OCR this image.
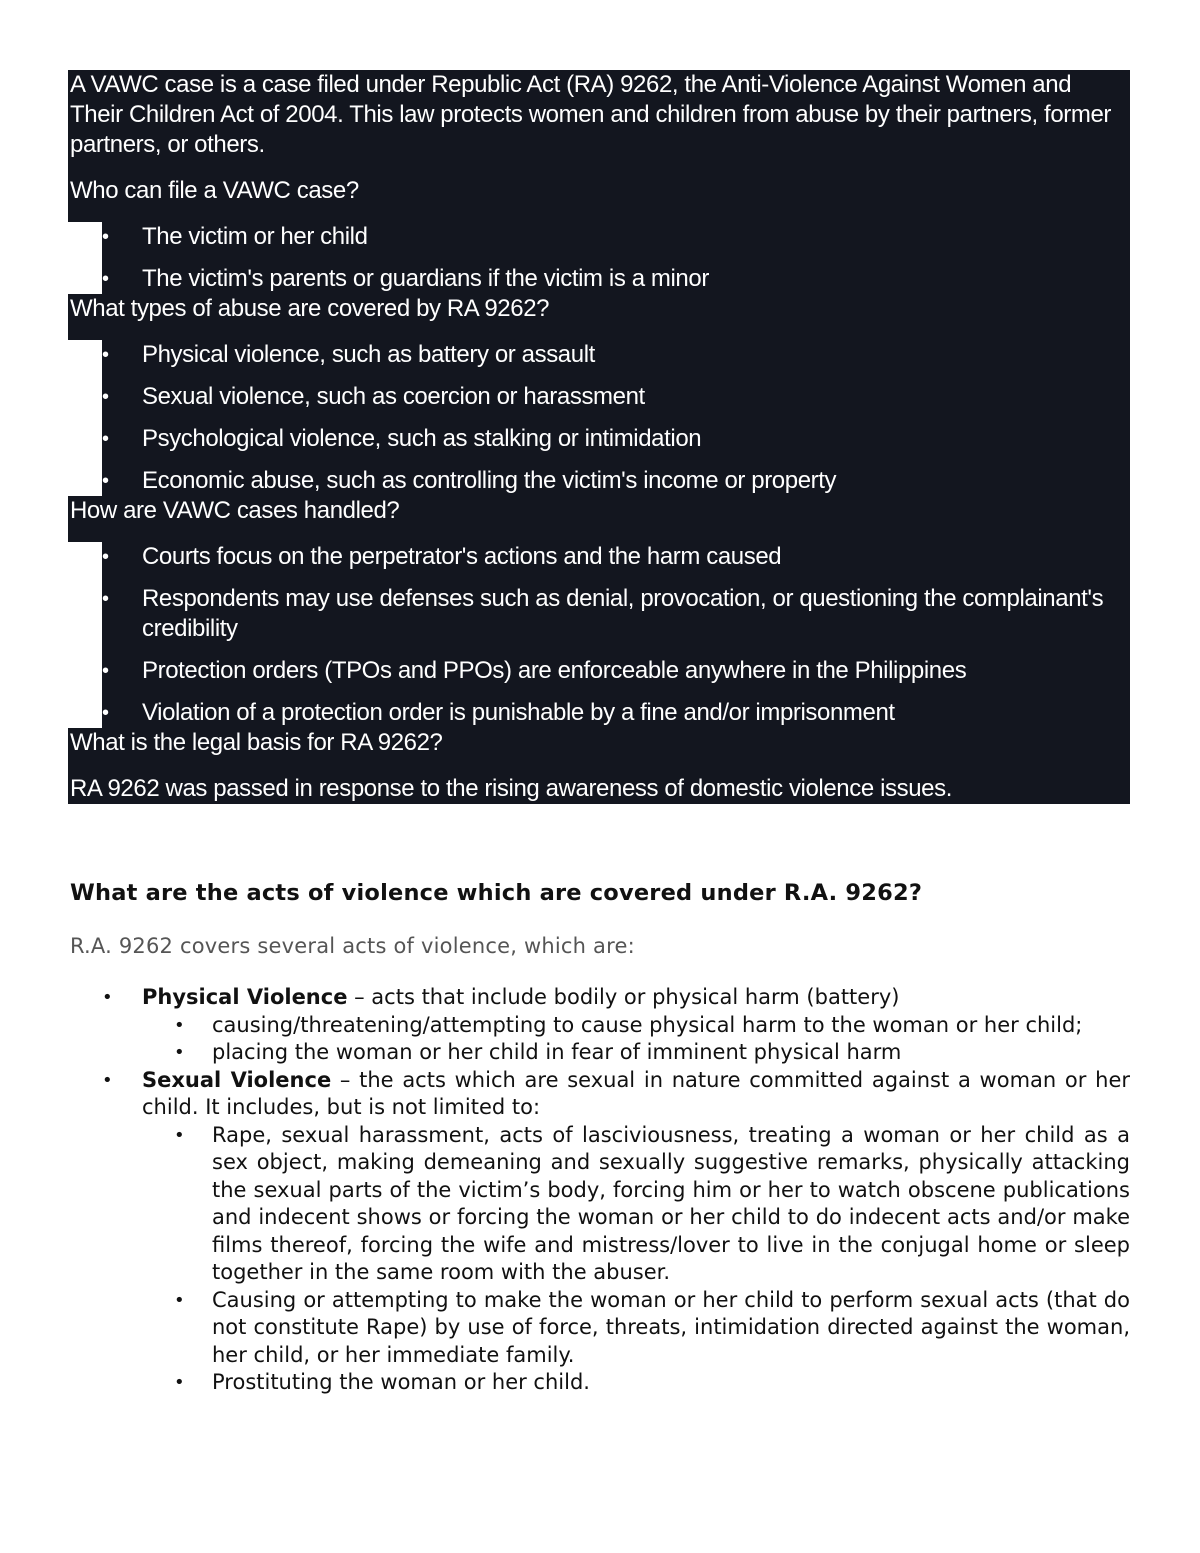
A VAWC case is a case filed under Republic Act (RA) 9262, the Anti-Violence Against Women and Their Children Act of 2004. This law protects women and children from abuse by their partners, former partners, or others.
Who can file a VAWC case?
•	The victim or her child
•	The victim's parents or guardians if the victim is a minor
What types of abuse are covered by RA 9262?
•	Physical violence, such as battery or assault
•	Sexual violence, such as coercion or harassment
•	Psychological violence, such as stalking or intimidation
•	Economic abuse, such as controlling the victim's income or property
How are VAWC cases handled?
•	Courts focus on the perpetrator's actions and the harm caused
•	Respondents may use defenses such as denial, provocation, or questioning the complainant's credibility
•	Protection orders (TPOs and PPOs) are enforceable anywhere in the Philippines
•	Violation of a protection order is punishable by a fine and/or imprisonment
What is the legal basis for RA 9262?
RA 9262 was passed in response to the rising awareness of domestic violence issues.
What are the acts of violence which are covered under R.A. 9262?

R.A. 9262 covers several acts of violence, which are:

• Physical Violence – acts that include bodily or physical harm (battery)
• causing/threatening/attempting to cause physical harm to the woman or her child;
• placing the woman or her child in fear of imminent physical harm
• Sexual Violence – the acts which are sexual in nature committed against a woman or her child. It includes, but is not limited to:
• Rape, sexual harassment, acts of lasciviousness, treating a woman or her child as a sex object, making demeaning and sexually suggestive remarks, physically attacking the sexual parts of the victim’s body, forcing him or her to watch obscene publications and indecent shows or forcing the woman or her child to do indecent acts and/or make films thereof, forcing the wife and mistress/lover to live in the conjugal home or sleep together in the same room with the abuser.
• Causing or attempting to make the woman or her child to perform sexual acts (that do not constitute Rape) by use of force, threats, intimidation directed against the woman, her child, or her immediate family.
• Prostituting the woman or her child.
